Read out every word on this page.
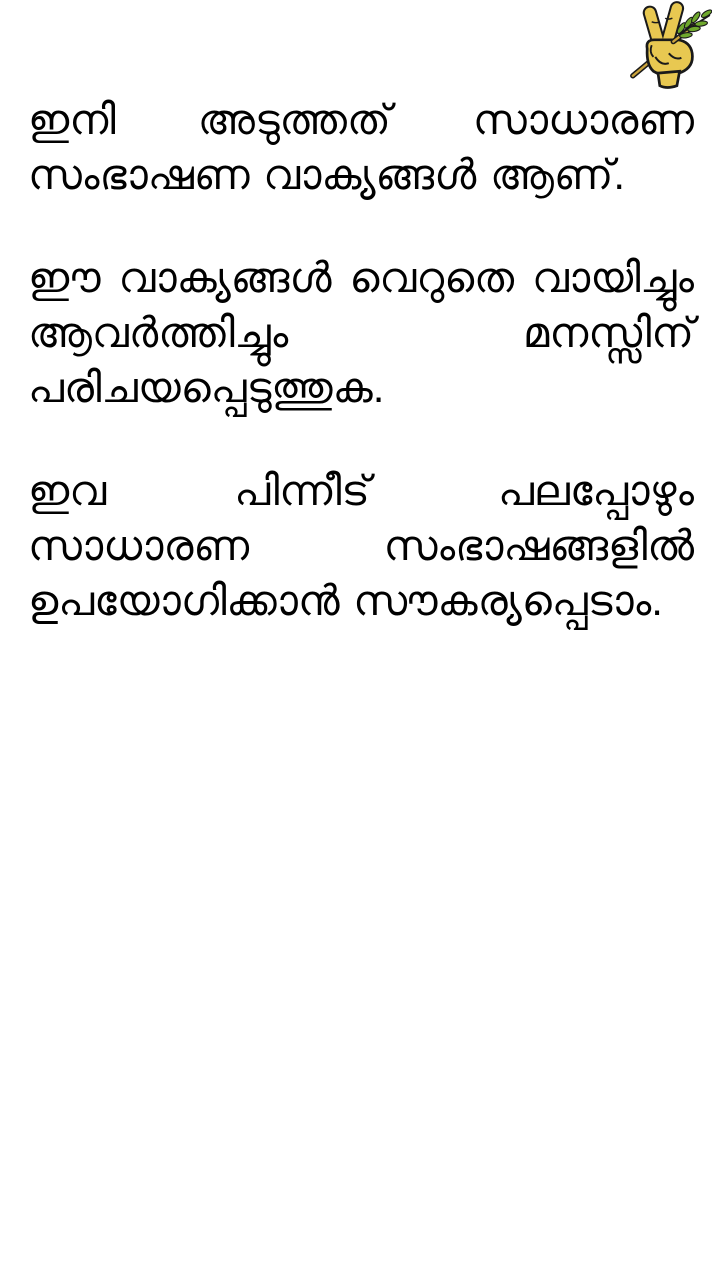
ഇനി അടുത്തത് സാധാരണ സംഭാഷണ വാക്യങ്ങൾ ആണ്.

ഈ വാക്യങ്ങൾ വെറുതെ വായിച്ചും ആവർത്തിച്ചും മനസ്സിന് പരിചയപ്പെടുത്തുക.

ഇവ പിന്നീട് പലപ്പോഴും സാധാരണ സംഭാഷങ്ങളിൽ ഉപയോഗിക്കാൻ സൗകര്യപ്പെടാം.
